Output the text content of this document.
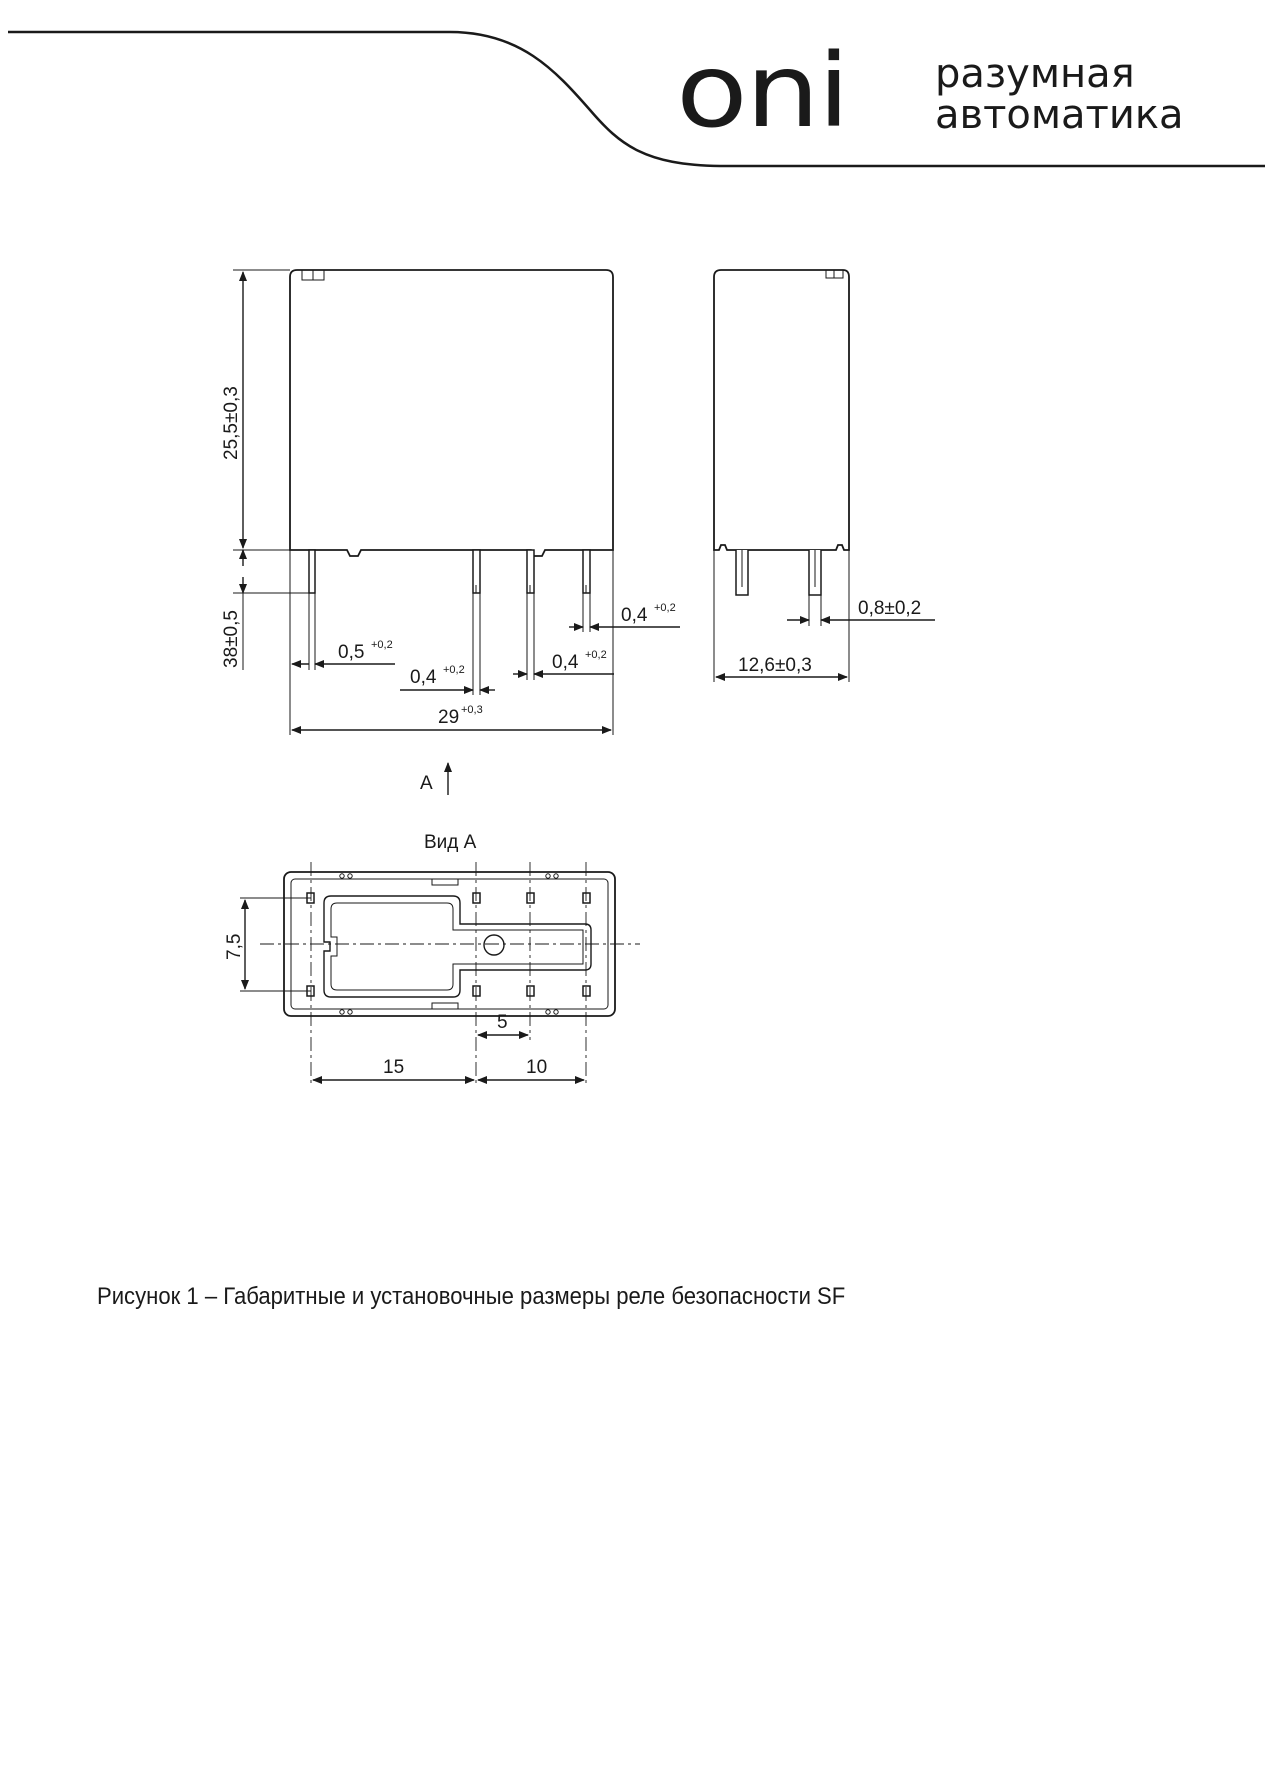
oni разумная
автоматика
25,5±0,3
38±0,5	0,5 +0,2
0,4 +0,2	0,4 +0,2
0,4 +0,2
29 +0,3
0,8±0,2
12,6±0,3
A
Вид А
7,5
5
15	10
Рисунок 1 – Габаритные и установочные размеры реле безопасности SF
